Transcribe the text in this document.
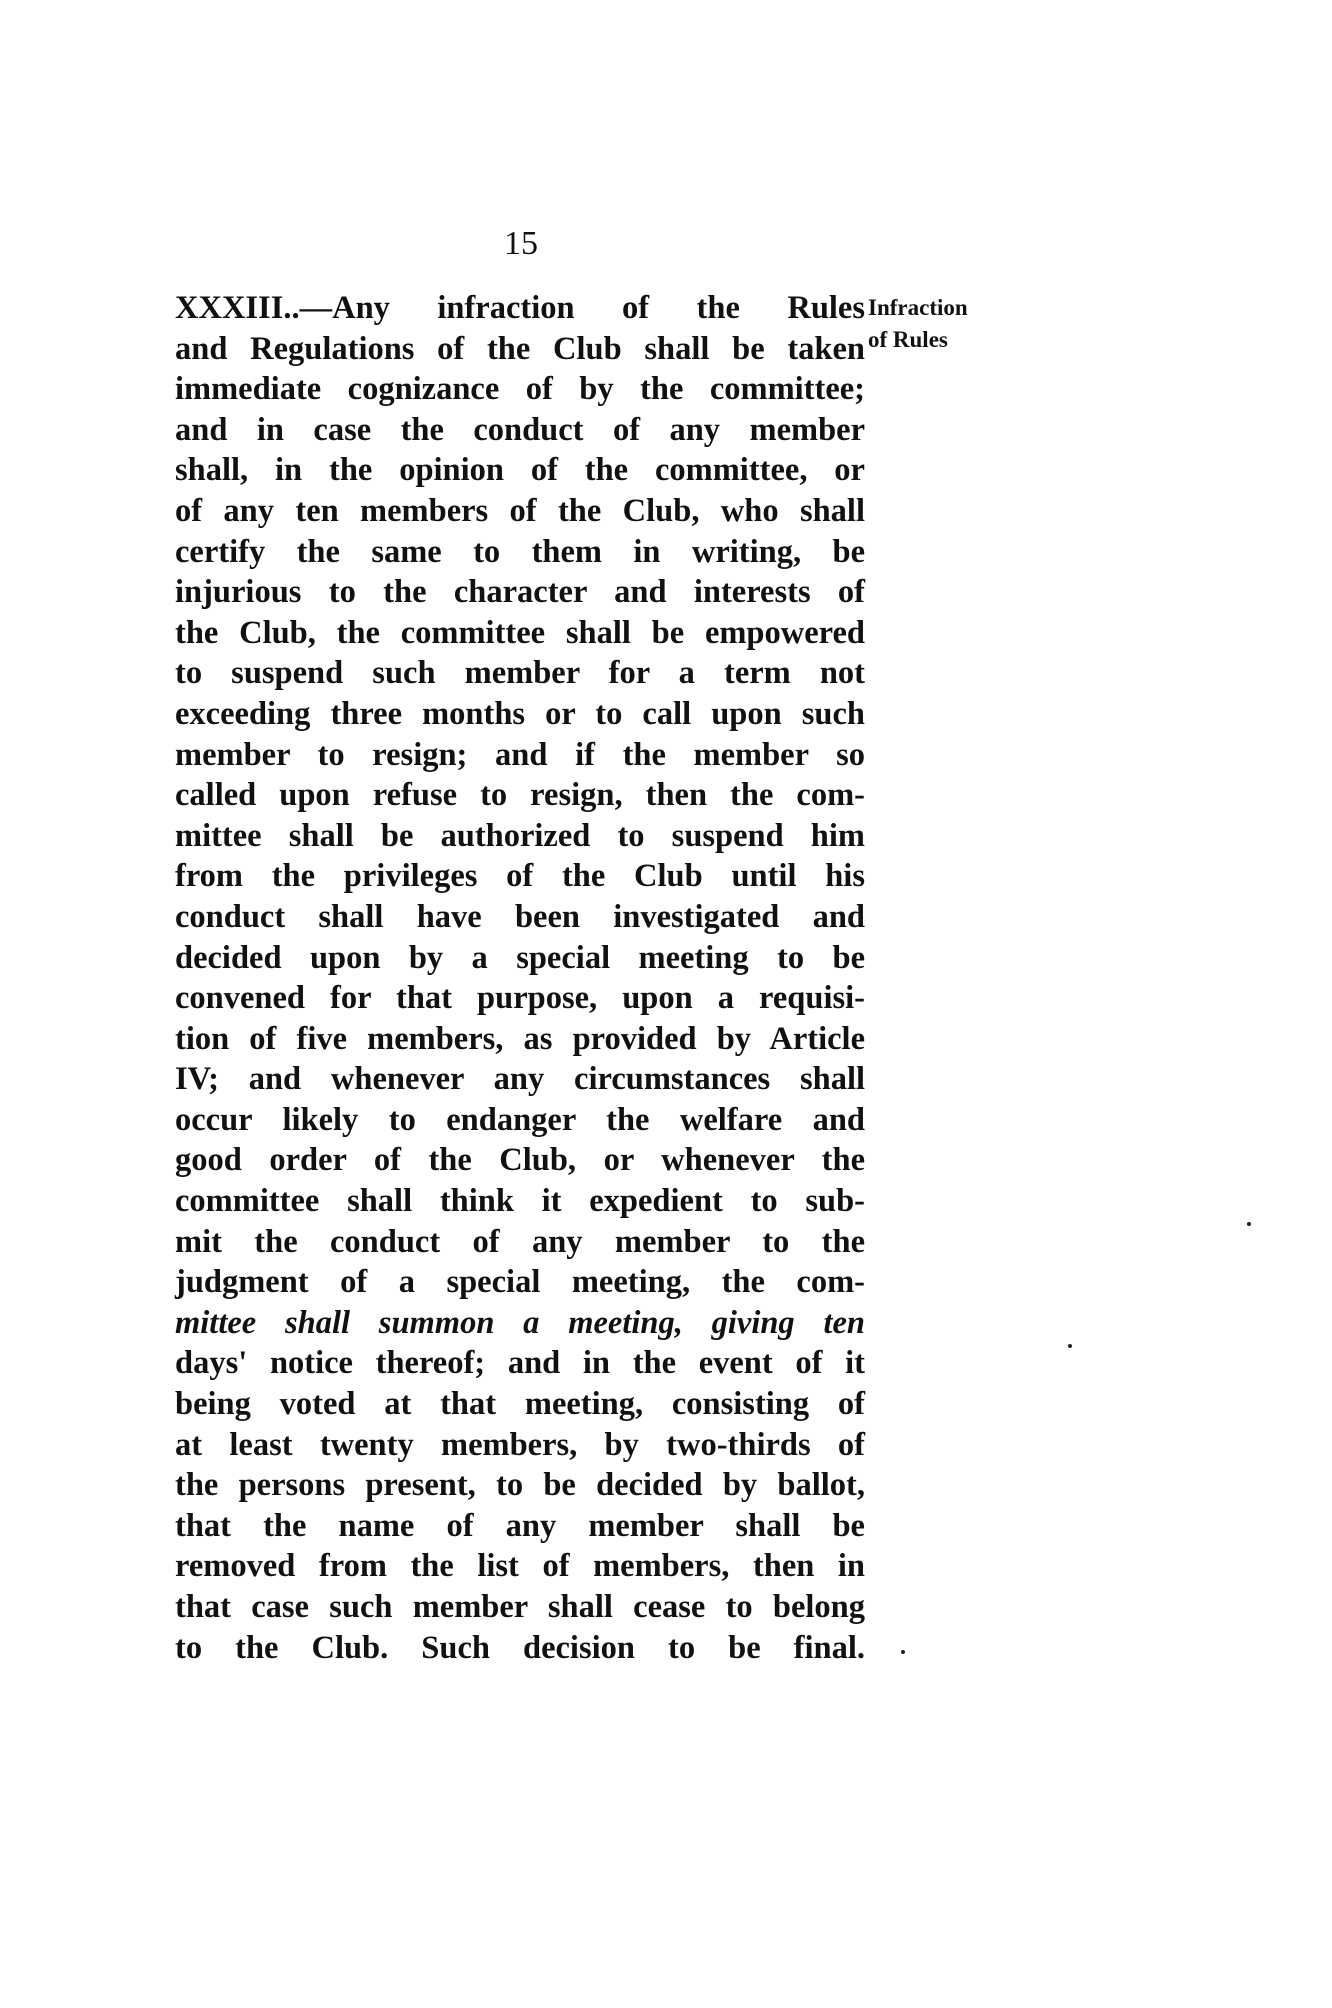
15
Infraction
of Rules
XXXIII..—Any infraction of the Rules
and Regulations of the Club shall be taken
immediate cognizance of by the committee;
and in case the conduct of any member
shall, in the opinion of the committee, or
of any ten members of the Club, who shall
certify the same to them in writing, be
injurious to the character and interests of
the Club, the committee shall be empowered
to suspend such member for a term not
exceeding three months or to call upon such
member to resign; and if the member so
called upon refuse to resign, then the com-
mittee shall be authorized to suspend him
from the privileges of the Club until his
conduct shall have been investigated and
decided upon by a special meeting to be
convened for that purpose, upon a requisi-
tion of five members, as provided by Article
IV; and whenever any circumstances shall
occur likely to endanger the welfare and
good order of the Club, or whenever the
committee shall think it expedient to sub-
mit the conduct of any member to the
judgment of a special meeting, the com-
mittee shall summon a meeting, giving ten
days' notice thereof; and in the event of it
being voted at that meeting, consisting of
at least twenty members, by two-thirds of
the persons present, to be decided by ballot,
that the name of any member shall be
removed from the list of members, then in
that case such member shall cease to belong
to the Club. Such decision to be final.
